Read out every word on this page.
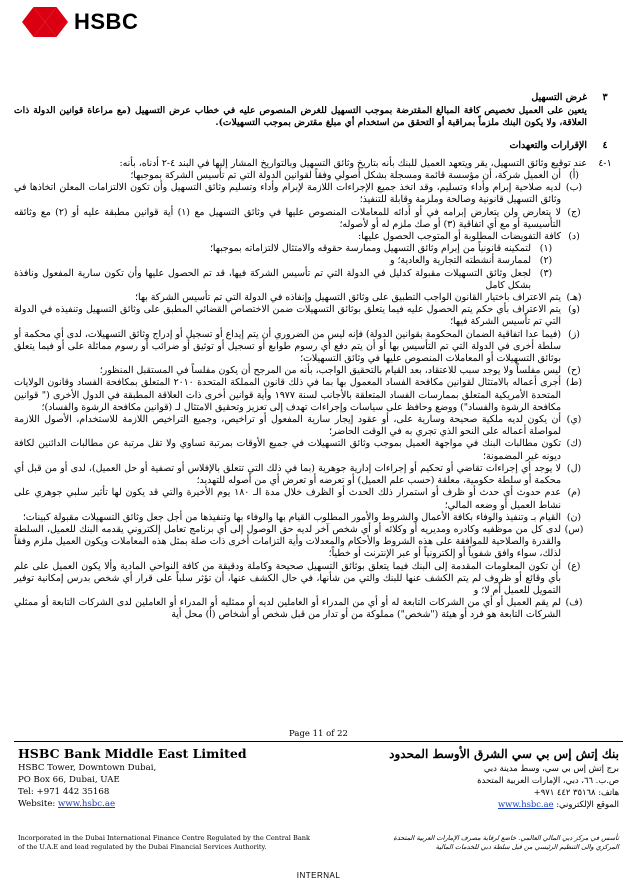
HSBC
٣
غرض التسهيل
يتعين على العميل تخصيص كافة المبالغ المقترضة بموجب التسهيل للغرض المنصوص عليه في خطاب عرض التسهيل (مع مراعاة قوانين الدولة ذات العلاقة، ولا يكون البنك ملزماً بمراقبة أو التحقق من استخدام أي مبلغ مقترض بموجب التسهيلات).
٤
الإقرارات والتعهدات
١-٤
عند توقيع وثائق التسهيل، يقر ويتعهد العميل للبنك بأنه بتاريخ وثائق التسهيل وبالتواريخ المشار إليها في البند ٤-٢ أدناه، بأنه:
(أ)
أن العميل شركة، أن مؤسسة قائمة ومسجلة بشكل أصولي وفقاً لقوانين الدولة التي تم تأسيس الشركة بموجبها؛
(ب)
لديه صلاحية إبرام وأداء وتسليم، وقد اتخذ جميع الإجراءات اللازمة لإبرام وأداء وتسليم وثائق التسهيل وأن تكون الالتزامات المعلن اتخاذها في وثائق التسهيل قانونية وصالحة وملزمة وقابلة للتنفيذ؛
(ج)
لا يتعارض ولن يتعارض إبرامه في أو أدائه للمعاملات المنصوص عليها في وثائق التسهيل مع (١) أية قوانين مطبقة عليه أو (٢) مع وثائقه التأسيسية أو مع أي اتفاقية (٣) أو صك ملزم له أو لأصوله؛
(د)
كافة التفويضات المطلوبة أو المتوجب الحصول عليها:
(١)
لتمكينه قانونياً من إبرام وثائق التسهيل وممارسة حقوقه والامتثال لالتزاماته بموجبها؛
(٢)
لممارسة أنشطته التجارية والعادية؛ و
(٣)
لجعل وثائق التسهيلات مقبولة كدليل في الدولة التي تم تأسيس الشركة فيها، قد تم الحصول عليها وأن تكون سارية المفعول ونافذة بشكل كامل
(هـ)
يتم الاعتراف باختيار القانون الواجب التطبيق على وثائق التسهيل وإنفاذه في الدولة التي تم تأسيس الشركة بها؛
(و)
يتم الاعتراف بأي حكم يتم الحصول عليه فيما يتعلق بوثائق التسهيلات ضمن الاختصاص القضائي المطبق على وثائق التسهيل وتنفيذه في الدولة التي تم تأسيس الشركة فيها؛
(ز)
(فيما عدا اتفاقية الضمان المحكومة بقوانين الدولة) فإنه ليس من الضروري أن يتم إيداع أو تسجيل أو إدراج وثائق التسهيلات، لدى أي محكمة أو سلطة أخرى في الدولة التي تم التأسيس بها أو أن يتم دفع أي رسوم طوابع أو تسجيل أو توثيق أو ضرائب أو رسوم مماثلة على أو فيما يتعلق بوثائق التسهيلات أو المعاملات المنصوص عليها في وثائق التسهيلات؛
(ح)
ليس مفلساً ولا يوجد سبب للاعتقاد، بعد القيام بالتحقيق الواجب، بأنه من المرجح أن يكون مفلساً في المستقبل المنظور؛
(ط)
أجرى أعماله بالامتثال لقوانين مكافحة الفساد المعمول بها بما في ذلك قانون المملكة المتحدة ٢٠١٠ المتعلق بمكافحة الفساد وقانون الولايات المتحدة الأمريكية المتعلق بممارسات الفساد المتعلقة بالأجانب لسنة ١٩٧٧ وأية قوانين أخرى ذات العلاقة المطبقة في الدول الأخرى (" قوانين مكافحة الرشوة والفساد") ووضع وحافظ على سياسات وإجراءات تهدف إلى تعزيز وتحقيق الامتثال لـ (قوانين مكافحة الرشوة والفساد)؛
(ي)
أن يكون لديه ملكية صحيحة وسارية على، أو عقود إيجار سارية المفعول أو تراخيص، وجميع التراخيص اللازمة للاستخدام، الأصول اللازمة لمواصلة أعماله على النحو الذي تجري به في الوقت الحاضر؛
(ك)
تكون مطالبات البنك في مواجهة العميل بموجب وثائق التسهيلات في جميع الأوقات بمرتبة تساوي ولا تقل مرتبة عن مطالبات الدائنين لكافة ديونه غير المضمونة؛
(ل)
لا يوجد أي إجراءات تقاضي أو تحكيم أو إجراءات إدارية جوهرية (بما في ذلك التي تتعلق بالإفلاس أو تصفية أو حل العميل)، لدى أو من قبل أي محكمة أو سلطة حكومية، معلقة (حسب علم العميل) أو تعرضه أو تعرض أي من أصوله للتهديد؛
(م)
عدم حدوث أي حدث أو ظرف أو استمرار ذلك الحدث أو الظرف خلال مدة الـ ١٨٠ يوم الأخيرة والتي قد يكون لها تأثير سلبي جوهري على نشاط العميل أو وضعه المالي؛
(ن)
القيام بـ وتنفيذ والوفاء بكافة الأعمال والشروط والأمور المطلوب القيام بها والوفاء بها وتنفيذها من أجل جعل وثائق التسهيلات مقبولة كبينات؛
(س)
لدى كل من موظفيه وكادره ومديريه أو وكلائه أو أي شخص آخر لديه حق الوصول إلى أي برنامج تعامل إلكتروني يقدمه البنك للعميل، السلطة والقدرة والصلاحية للموافقة على هذه الشروط والأحكام والمعدلات وأية التزامات أخرى ذات صلة بمثل هذه المعاملات ويكون العميل ملزم وفقاً لذلك، سواء وافق شفوياً أو إلكترونياً أو عبر الإنترنت أو خطياً؛
(ع)
أن تكون المعلومات المقدمة إلى البنك فيما يتعلق بوثائق التسهيل صحيحة وكاملة ودقيقة من كافة النواحي المادية وألا يكون العميل على علم بأي وقائع أو ظروف لم يتم الكشف عنها للبنك والتي من شأنها، في حال الكشف عنها، أن تؤثر سلباً على قرار أي شخص بدرس إمكانية توفير التمويل للعميل أم لا؛ و
(ف)
لم يقم العميل أو أي من الشركات التابعة له أو أي من المدراء أو العاملين لديه أو ممثليه أو المدراء أو العاملين لدى الشركات التابعة أو ممثلي الشركات التابعة هو فرد أو هيئة ("شخص") مملوكة من أو تدار من قبل شخص أو أشخاص (أ) محل أية
Page 11 of 22
HSBC Bank Middle East Limited
HSBC Tower, Downtown Dubai,
PO Box 66, Dubai, UAE
Tel: +971 442 35168
Website: www.hsbc.ae
بنك إتش إس بي سي الشرق الأوسط المحدود
برج إتش إس بي سي، وسط مدينة دبي
ص.ب. ٦٦، دبي، الإمارات العربية المتحدة
هاتف: ٣٥١٦٨ ٤٤٢ ٩٧١+
الموقع الإلكتروني: www.hsbc.ae
Incorporated in the Dubai International Finance Centre Regulated by the Central Bank of the U.A.E and lead regulated by the Dubai Financial Services Authority.
تأسس في مركز دبي المالي العالمي. خاضع لرقابة مصرف الإمارات العربية المتحدة المركزي والى التنظيم الرئيسي من قبل سلطة دبي للخدمات المالية
INTERNAL
